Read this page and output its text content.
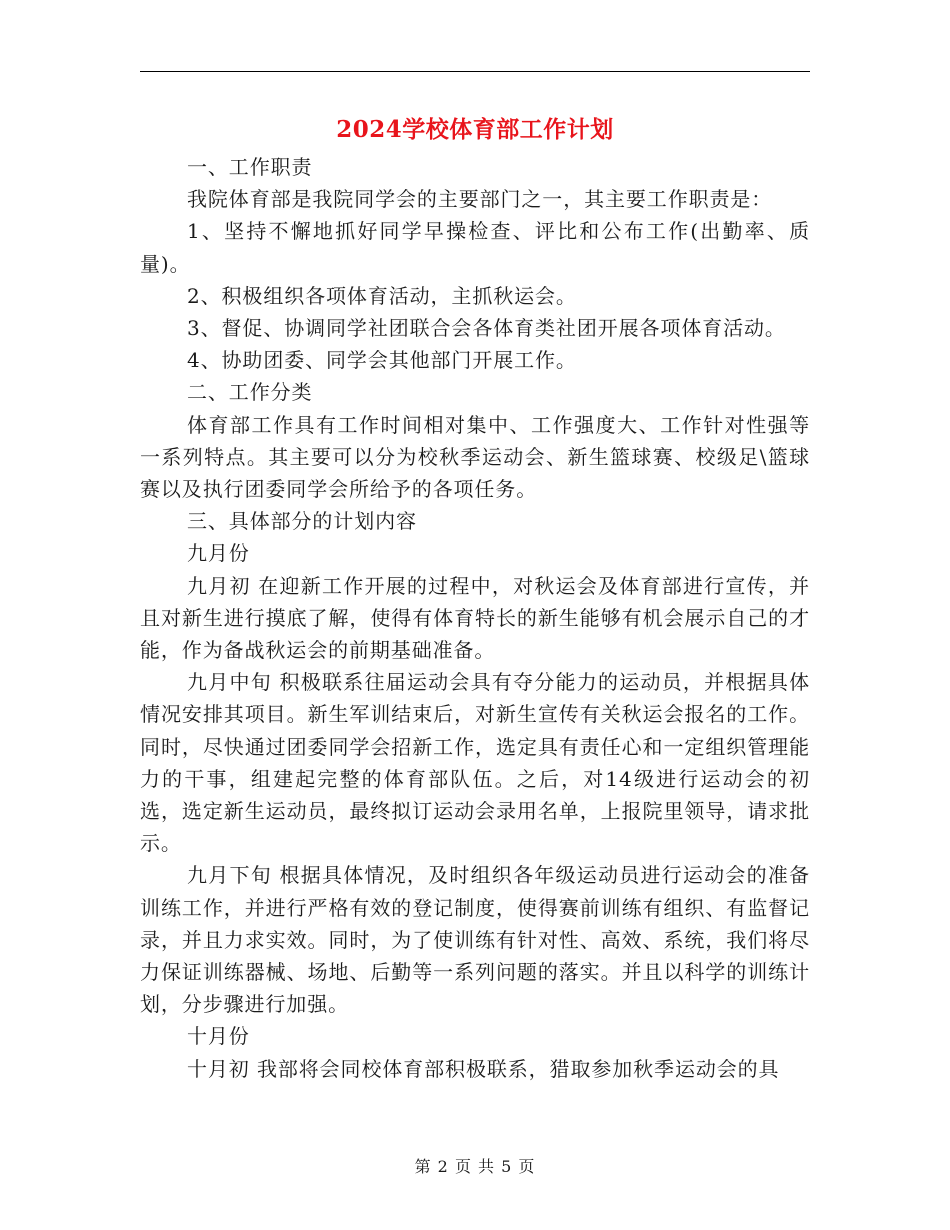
2024学校体育部工作计划

一、工作职责

我院体育部是我院同学会的主要部门之一，其主要工作职责是：

1、坚持不懈地抓好同学早操检查、评比和公布工作(出勤率、质量)。

2、积极组织各项体育活动，主抓秋运会。

3、督促、协调同学社团联合会各体育类社团开展各项体育活动。

4、协助团委、同学会其他部门开展工作。

二、工作分类

体育部工作具有工作时间相对集中、工作强度大、工作针对性强等一系列特点。其主要可以分为校秋季运动会、新生篮球赛、校级足\篮球赛以及执行团委同学会所给予的各项任务。

三、具体部分的计划内容

九月份

九月初 在迎新工作开展的过程中，对秋运会及体育部进行宣传，并且对新生进行摸底了解，使得有体育特长的新生能够有机会展示自己的才能，作为备战秋运会的前期基础准备。

九月中旬 积极联系往届运动会具有夺分能力的运动员，并根据具体情况安排其项目。新生军训结束后，对新生宣传有关秋运会报名的工作。同时，尽快通过团委同学会招新工作，选定具有责任心和一定组织管理能力的干事，组建起完整的体育部队伍。之后，对14级进行运动会的初选，选定新生运动员，最终拟订运动会录用名单，上报院里领导，请求批示。

九月下旬 根据具体情况，及时组织各年级运动员进行运动会的准备训练工作，并进行严格有效的登记制度，使得赛前训练有组织、有监督记录，并且力求实效。同时，为了使训练有针对性、高效、系统，我们将尽力保证训练器械、场地、后勤等一系列问题的落实。并且以科学的训练计划，分步骤进行加强。

十月份

十月初 我部将会同校体育部积极联系，猎取参加秋季运动会的具

第 2 页 共 5 页
